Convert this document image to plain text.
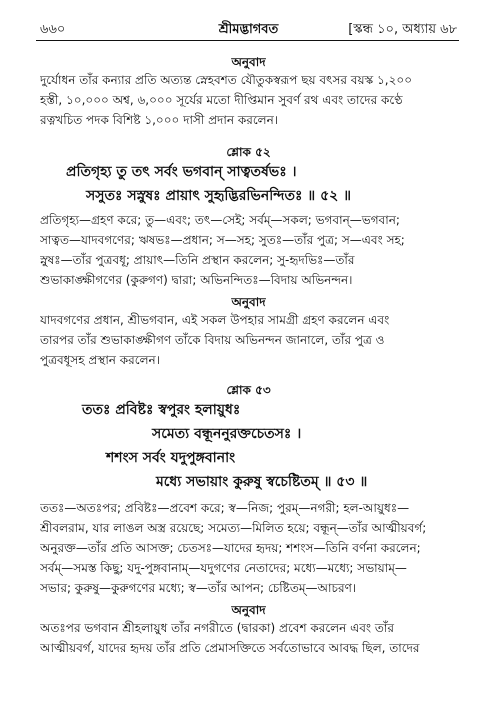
৬৬০	শ্রীমদ্ভাগবত	[স্কন্ধ ১০, অধ্যায় ৬৮
অনুবাদ
দুর্যোধন তাঁর কন্যার প্রতি অত্যন্ত স্নেহবশত যৌতুকস্বরূপ ছয় বৎসর বয়স্ক ১,২০০
হস্তী, ১০,০০০ অশ্ব, ৬,০০০ সূর্যের মতো দীপ্তিমান সুবর্ণ রথ এবং তাদের কণ্ঠে
রত্নখচিত পদক বিশিষ্ট ১,০০০ দাসী প্রদান করলেন।
শ্লোক ৫২
প্রতিগৃহ্য তু তৎ সর্বং ভগবান্ সাত্বতর্ষভঃ ।
সসুতঃ সস্নুষঃ প্রায়াৎ সুহৃদ্ভিরভিনন্দিতঃ ॥ ৫২ ॥
প্রতিগৃহ্য—গ্রহণ করে; তু—এবং; তৎ—সেই; সর্বম্—সকল; ভগবান্—ভগবান;
সাত্বত—যাদবগণের; ঋষভঃ—প্রধান; স—সহ; সুতঃ—তাঁর পুত্র; স—এবং সহ;
স্নুষঃ—তাঁর পুত্রবধূ; প্রায়াৎ—তিনি প্রস্থান করলেন; সু-হৃদভিঃ—তাঁর
শুভাকাঙ্ক্ষীগণের (কুরুগণ) দ্বারা; অভিনন্দিতঃ—বিদায় অভিনন্দন।
অনুবাদ
যাদবগণের প্রধান, শ্রীভগবান, এই সকল উপহার সামগ্রী গ্রহণ করলেন এবং
তারপর তাঁর শুভাকাঙ্ক্ষীগণ তাঁকে বিদায় অভিনন্দন জানালে, তাঁর পুত্র ও
পুত্রবধূসহ প্রস্থান করলেন।
শ্লোক ৫৩
ততঃ প্রবিষ্টঃ স্বপুরং হলায়ুধঃ
সমেত্য বন্ধূননুরক্তচেতসঃ ।
শশংস সর্বং যদুপুঙ্গবানাং
মধ্যে সভায়াং কুরুষু স্বচেষ্টিতম্ ॥ ৫৩ ॥
ততঃ—অতঃপর; প্রবিষ্টঃ—প্রবেশ করে; স্ব—নিজ; পুরম্—নগরী; হল-আয়ুধঃ—
শ্রীবলরাম, যার লাঙল অস্ত্র রয়েছে; সমেত্য—মিলিত হয়ে; বন্ধূন্—তাঁর আত্মীয়বর্গ;
অনুরক্ত—তাঁর প্রতি আসক্ত; চেতসঃ—যাদের হৃদয়; শশংস—তিনি বর্ণনা করলেন;
সর্বম্—সমস্ত কিছু; যদু-পুঙ্গবানাম্—যদুগণের নেতাদের; মধ্যে—মধ্যে; সভায়াম্—
সভার; কুরুষু—কুরুগণের মধ্যে; স্ব—তাঁর আপন; চেষ্টিতম্—আচরণ।
অনুবাদ
অতঃপর ভগবান শ্রীহলায়ুধ তাঁর নগরীতে (দ্বারকা) প্রবেশ করলেন এবং তাঁর
আত্মীয়বর্গ, যাদের হৃদয় তাঁর প্রতি প্রেমাসক্তিতে সর্বতোভাবে আবদ্ধ ছিল, তাদের
